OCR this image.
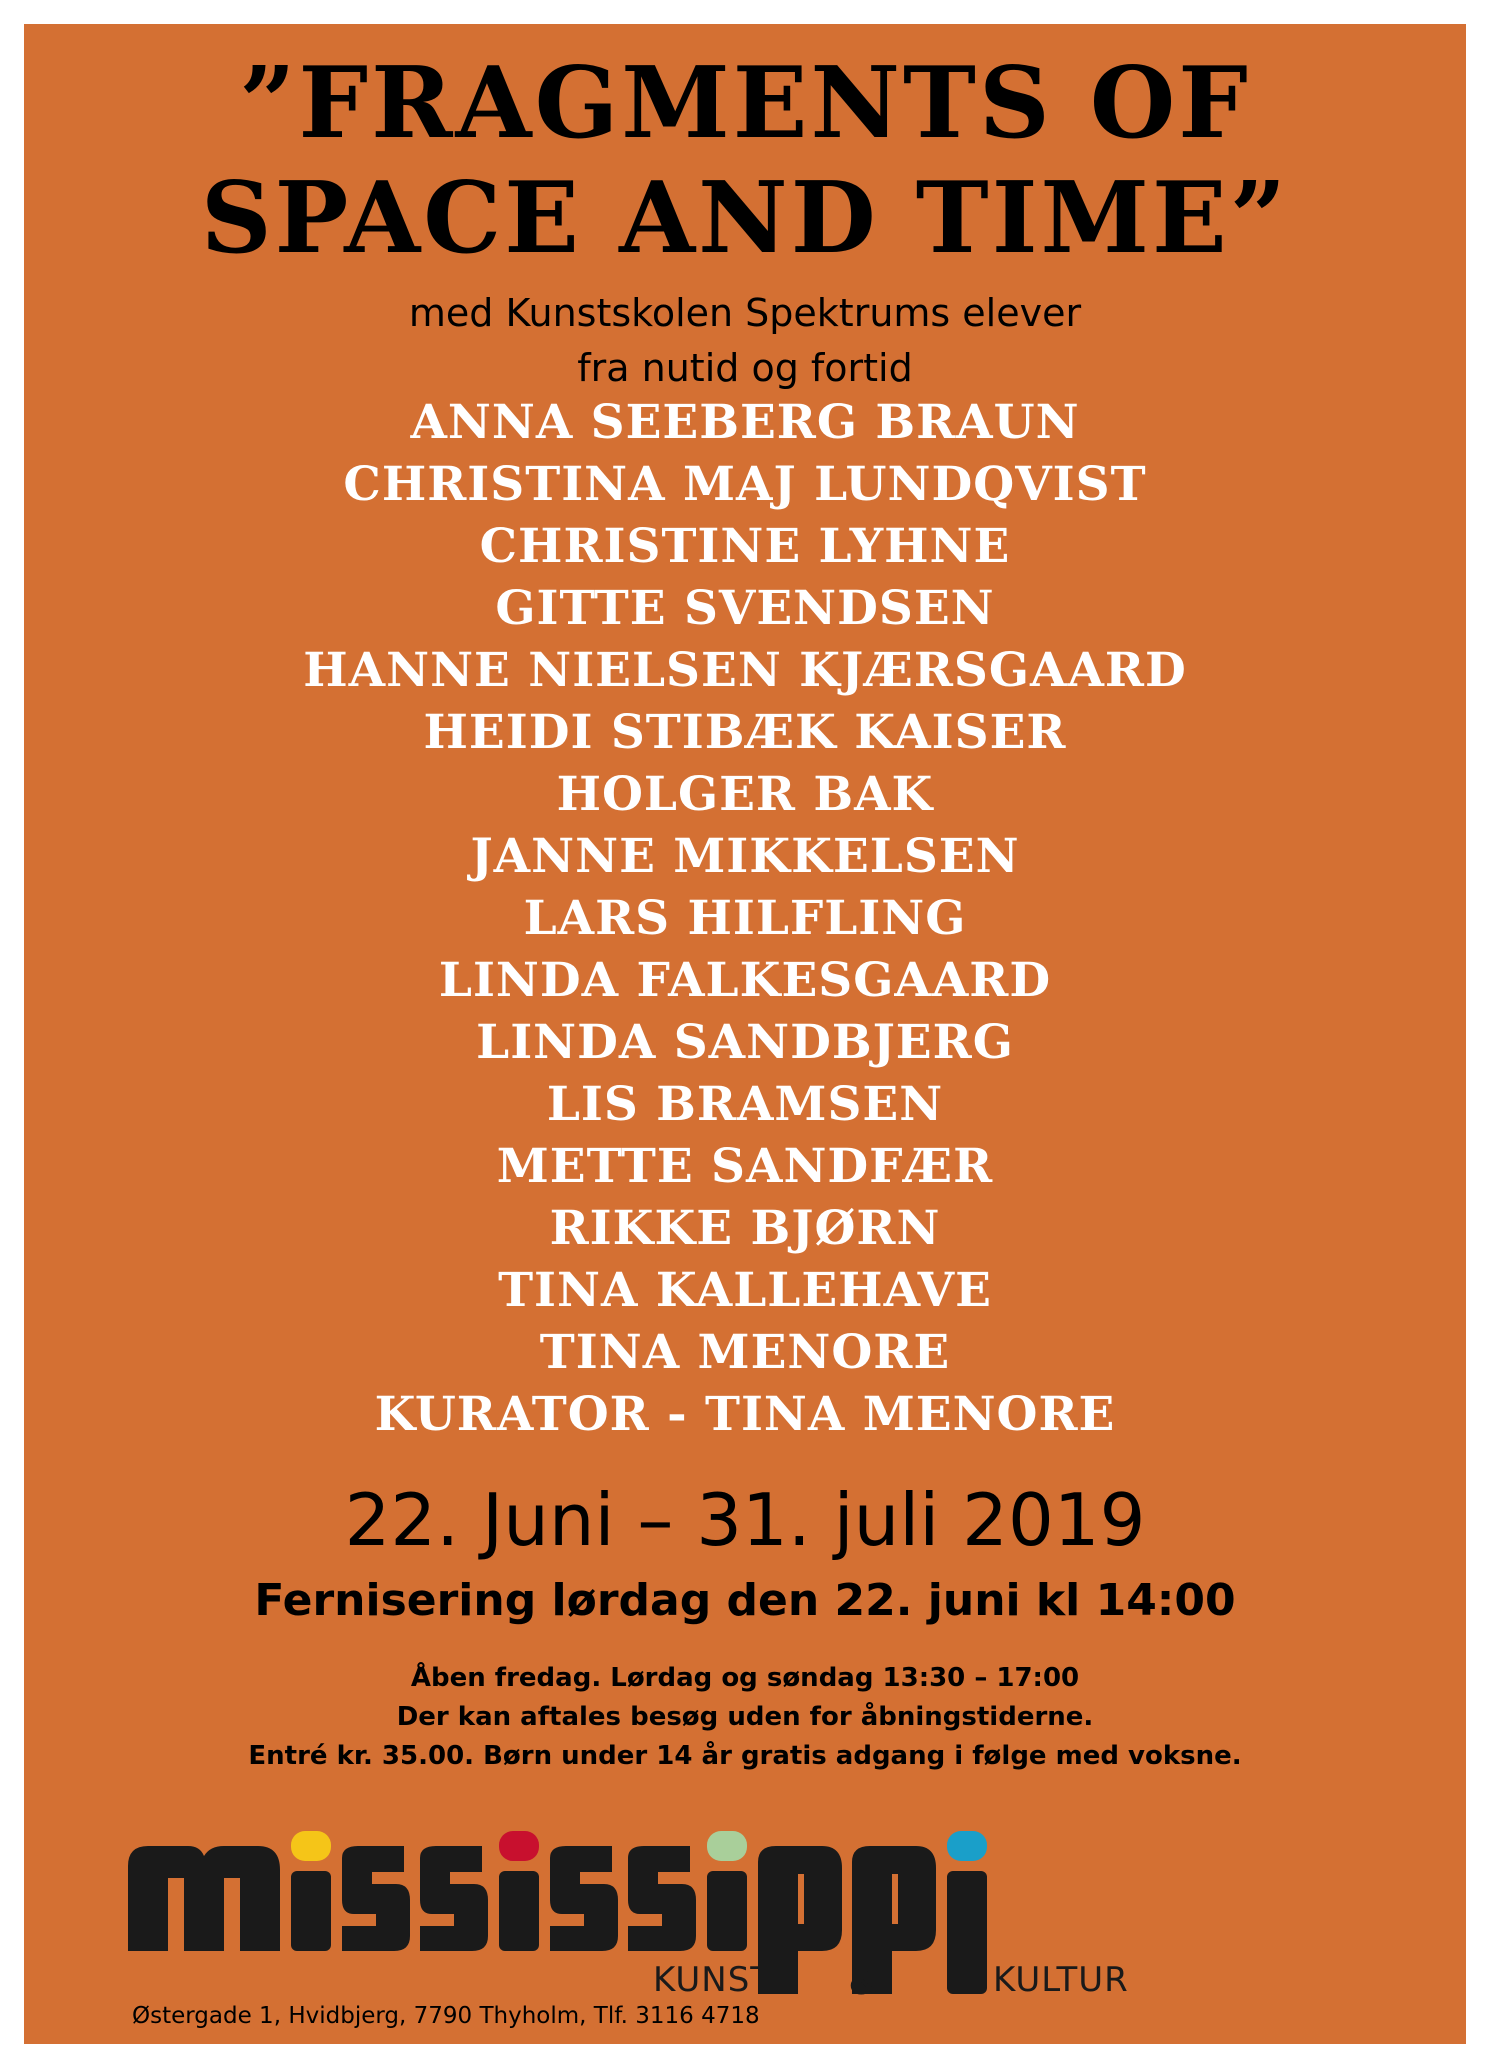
”FRAGMENTS OF
SPACE AND TIME”
med Kunstskolen Spektrums elever
fra nutid og fortid
ANNA SEEBERG BRAUN
CHRISTINA MAJ LUNDQVIST
CHRISTINE LYHNE
GITTE SVENDSEN
HANNE NIELSEN KJÆRSGAARD
HEIDI STIBÆK KAISER
HOLGER BAK
JANNE MIKKELSEN
LARS HILFLING
LINDA FALKESGAARD
LINDA SANDBJERG
LIS BRAMSEN
METTE SANDFÆR
RIKKE BJØRN
TINA KALLEHAVE
TINA MENORE
KURATOR - TINA MENORE
22. Juni – 31. juli 2019
Fernisering lørdag den 22. juni kl 14:00
Åben fredag. Lørdag og søndag 13:30 – 17:00
Der kan aftales besøg uden for åbningstiderne.
Entré kr. 35.00. Børn under 14 år gratis adgang i følge med voksne.
KUNST &	KULTUR
Østergade 1, Hvidbjerg, 7790 Thyholm, Tlf. 3116 4718
